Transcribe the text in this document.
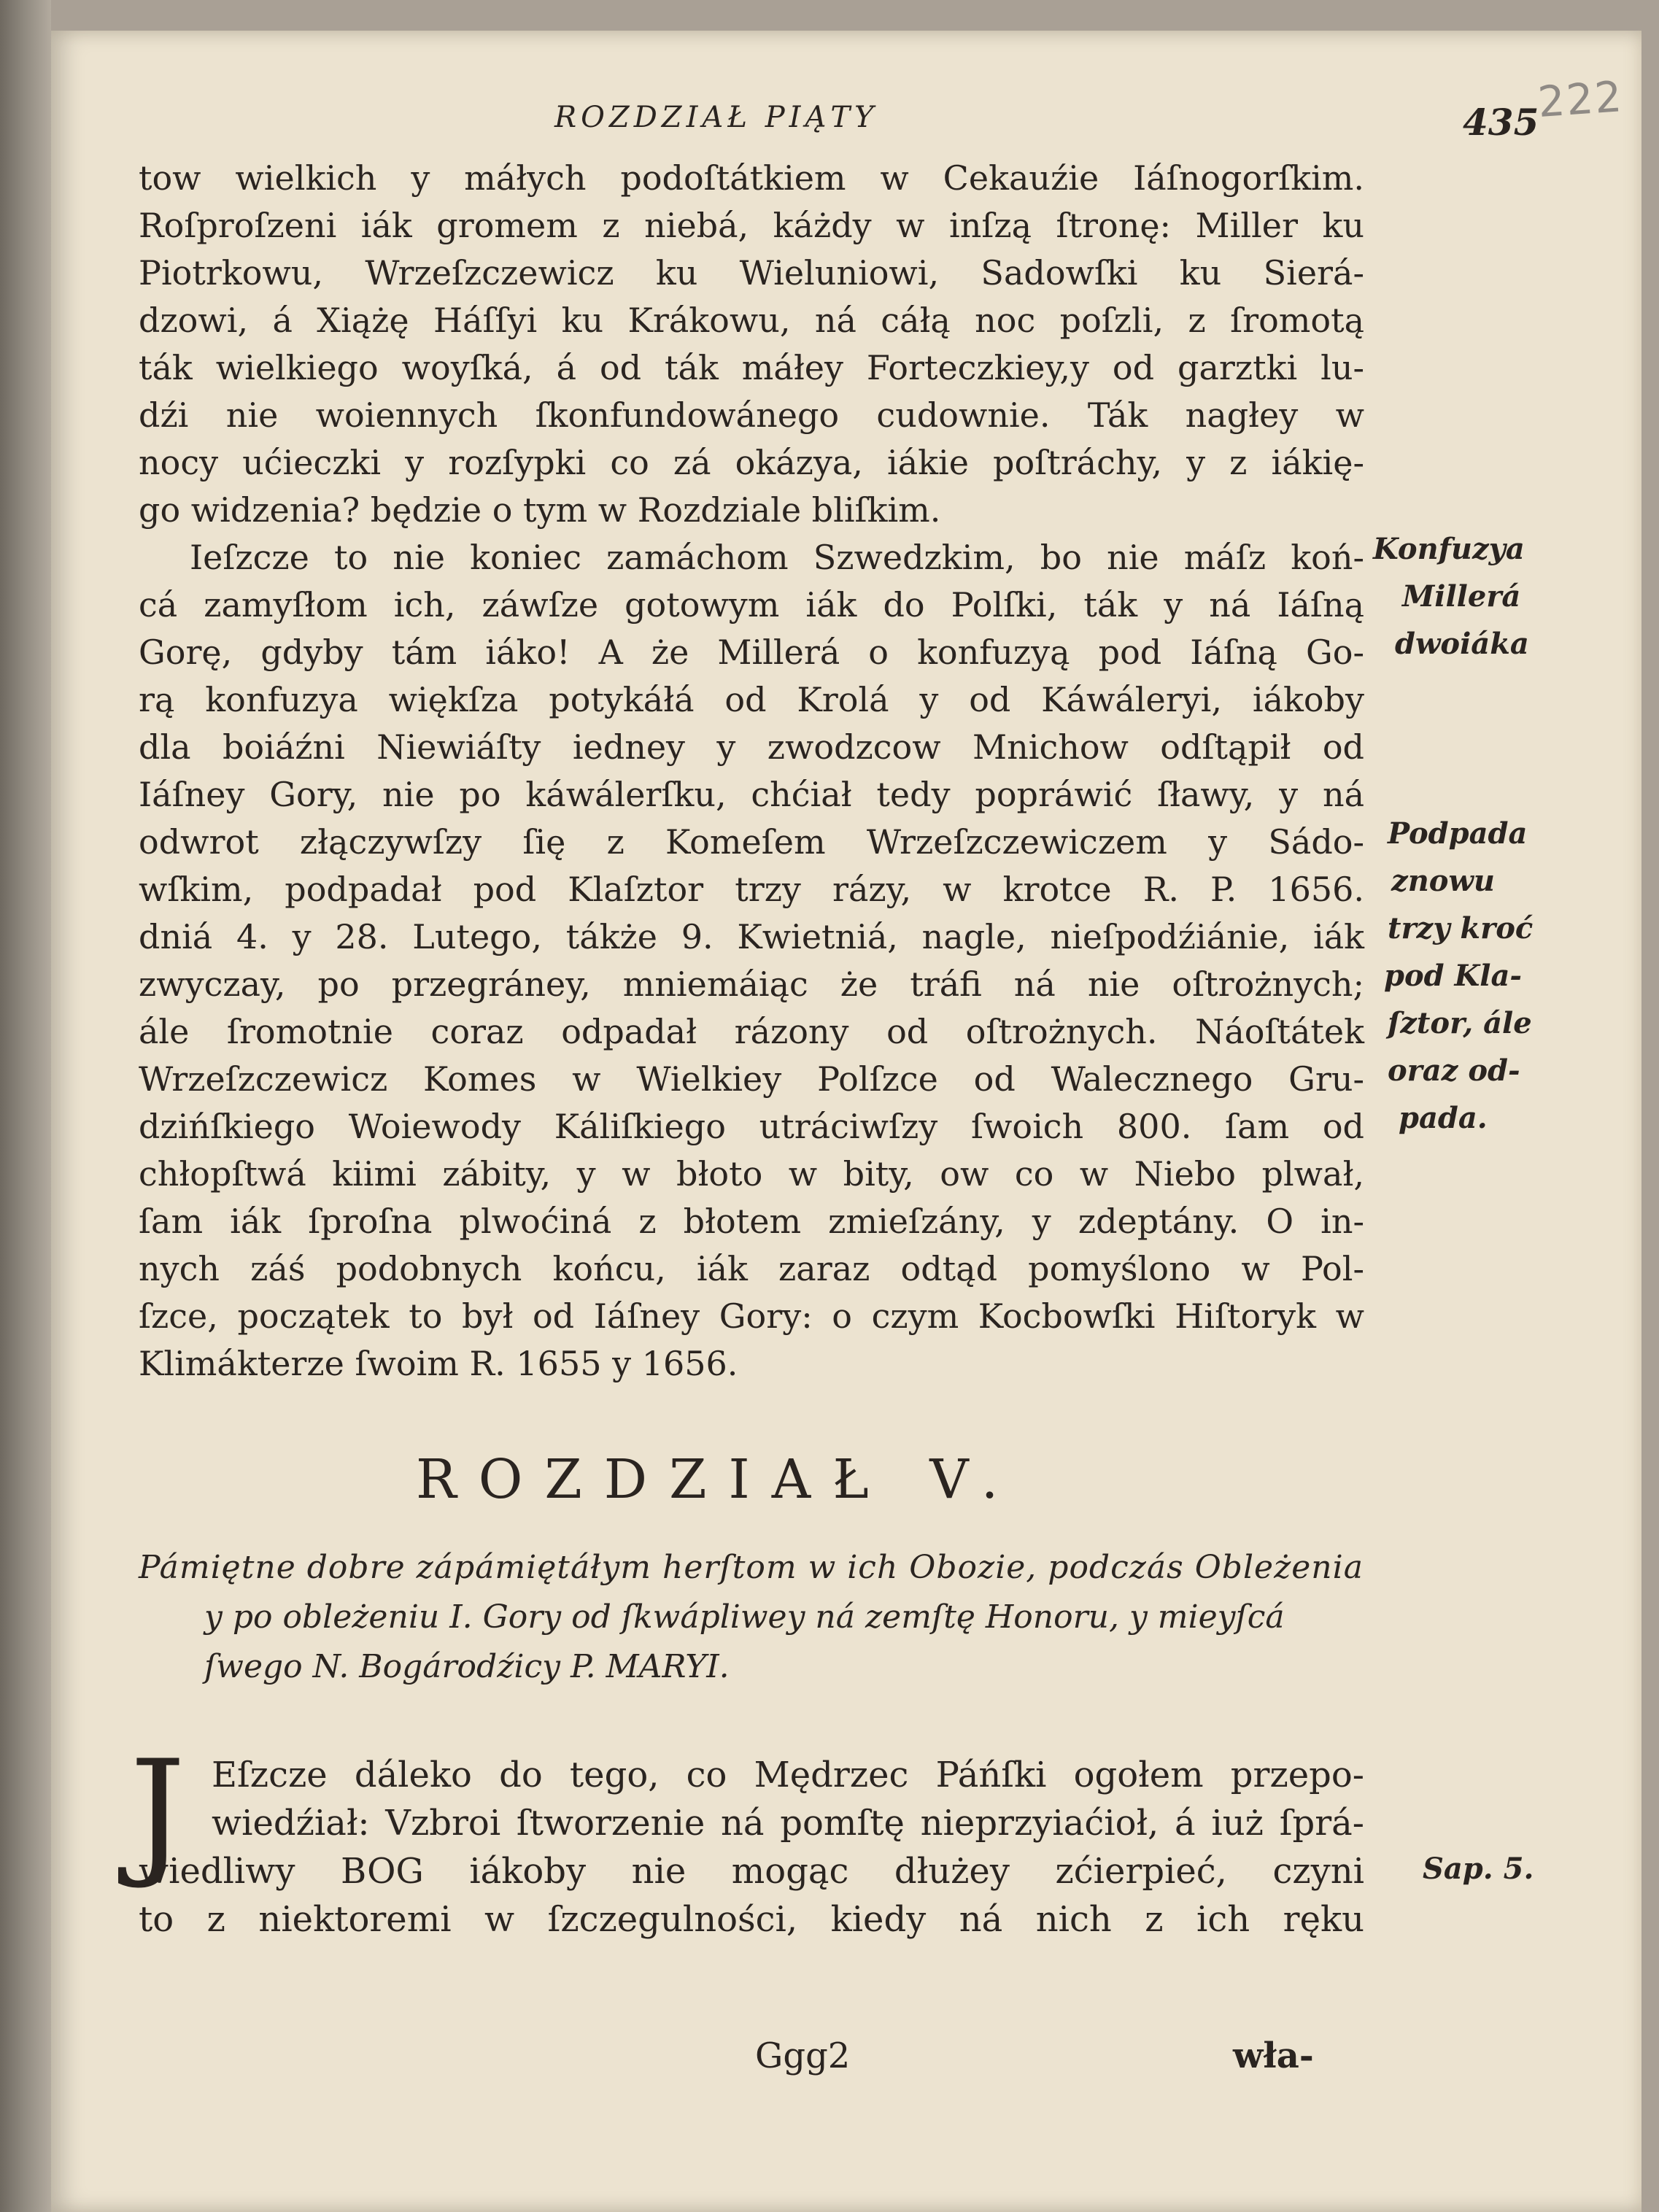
222
ROZDZIAŁ PIĄTY	435
tow wielkich y máłych podoſtátkiem w Cekauźie Iáſnogorſkim.
Roſproſzeni iák gromem z niebá, káżdy w inſzą ſtronę: Miller ku
Piotrkowu, Wrzeſzczewicz ku Wieluniowi, Sadowſki ku Sierá-
dzowi, á Xiążę Háſſyi ku Krákowu, ná cáłą noc poſzli, z ſromotą
ták wielkiego woyſká, á od ták máłey Forteczkiey,y od garztki lu-
dźi nie woiennych ſkonfundowánego cudownie. Ták nagłey w
nocy ućieczki y rozſypki co zá okázya, iákie poſtráchy, y z iákię-
go widzenia? będzie o tym w Rozdziale bliſkim.
Ieſzcze to nie koniec zamáchom Szwedzkim, bo nie máſz koń-
cá zamyſłom ich, záwſze gotowym iák do Polſki, ták y ná Iáſną
Gorę, gdyby tám iáko! A że Millerá o konfuzyą pod Iáſną Go-
rą konfuzya więkſza potykáłá od Krolá y od Káwáleryi, iákoby
dla boiáźni Niewiáſty iedney y zwodzcow Mnichow odſtąpił od
Iáſney Gory, nie po káwálerſku, chćiał tedy popráwić ſławy, y ná
odwrot złączywſzy ſię z Komeſem Wrzeſzczewiczem y Sádo-
wſkim, podpadał pod Klaſztor trzy rázy, w krotce R. P. 1656.
dniá 4. y 28. Lutego, tákże 9. Kwietniá, nagle, nieſpodźiánie, iák
zwyczay, po przegráney, mniemáiąc że tráfi ná nie oſtrożnych;
ále ſromotnie coraz odpadał rázony od oſtrożnych. Náoſtátek
Wrzeſzczewicz Komes w Wielkiey Polſzce od Walecznego Gru-
dzińſkiego Woiewody Káliſkiego utráciwſzy ſwoich 800. ſam od
chłopſtwá kiimi zábity, y w błoto w bity, ow co w Niebo plwał,
ſam iák ſproſna plwoćiná z błotem zmieſzány, y zdeptány. O in-
nych záś podobnych końcu, iák zaraz odtąd pomyślono w Pol-
ſzce, początek to był od Iáſney Gory: o czym Kocbowſki Hiſtoryk w
Klimákterze ſwoim R. 1655 y 1656.
Konfuzya
Millerá
dwoiáka
Podpada
znowu
trzy kroć
pod Kla-
ſztor, ále
oraz od-
pada.
ROZDZIAŁ V.
Pámiętne dobre zápámiętáłym herſtom w ich Obozie, podczás Obleżenia
y po obleżeniu I. Gory od ſkwápliwey ná zemſtę Honoru, y mieyſcá
ſwego N. Bogárodźicy P. MARYI.
J Eſzcze dáleko do tego, co Mędrzec Páńſki ogołem przepo-
wiedźiał: Vzbroi ſtworzenie ná pomſtę nieprzyiaćioł, á iuż ſprá-
wiedliwy BOG iákoby nie mogąc dłużey zćierpieć, czyni
to z niektoremi w ſzczegulności, kiedy ná nich z ich ręku
Sap. 5.
Ggg2	wła-
